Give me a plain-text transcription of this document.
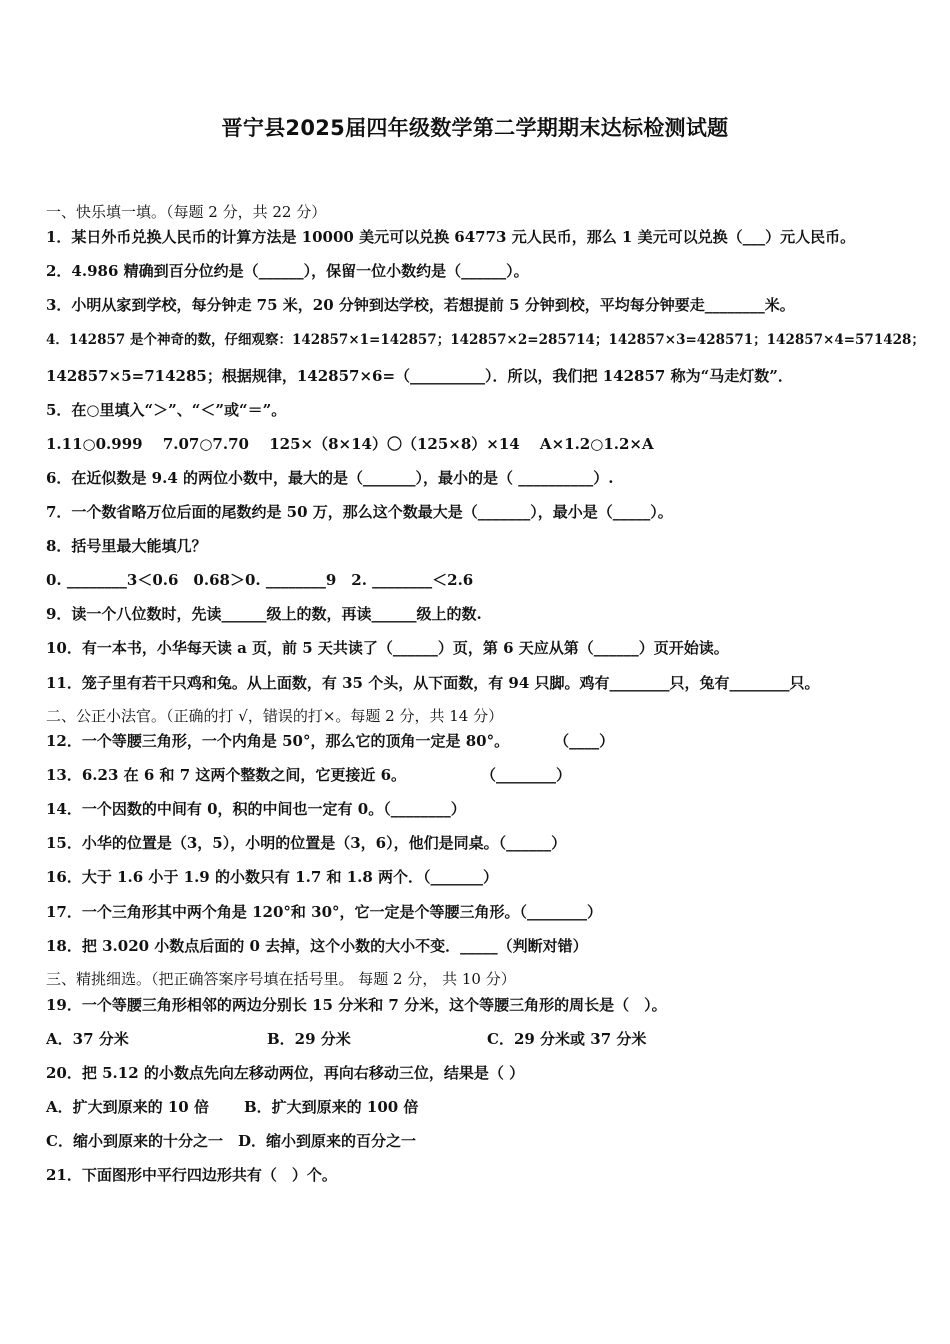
晋宁县2025届四年级数学第二学期期末达标检测试题
一、快乐填一填。（每题 2 分，共 22 分）
1．某日外币兑换人民币的计算方法是 10000 美元可以兑换 64773 元人民币，那么 1 美元可以兑换（___）元人民币。
2．4.986 精确到百分位约是（______），保留一位小数约是（______）。
3．小明从家到学校，每分钟走 75 米，20 分钟到达学校，若想提前 5 分钟到校，平均每分钟要走________米。
4．142857 是个神奇的数，仔细观察：142857×1=142857；142857×2=285714；142857×3=428571；142857×4=571428；
142857×5=714285；根据规律，142857×6=（__________）．所以，我们把 142857 称为“马走灯数”．
5．在○里填入“＞”、“＜”或“＝”。
1.11○0.999　 7.07○7.70　 125×（8×14）〇（125×8）×14　 A×1.2○1.2×A
6．在近似数是 9.4 的两位小数中，最大的是（_______），最小的是（ __________）.
7．一个数省略万位后面的尾数约是 50 万，那么这个数最大是（_______），最小是（_____）。
8．括号里最大能填几？
0. ________3＜0.6　0.68＞0. ________9　2. ________＜2.6
9．读一个八位数时，先读______级上的数，再读______级上的数.
10．有一本书，小华每天读 a 页，前 5 天共读了（______）页，第 6 天应从第（______）页开始读。
11．笼子里有若干只鸡和兔。从上面数，有 35 个头，从下面数，有 94 只脚。鸡有________只，兔有________只。
二、公正小法官。（正确的打 √，错误的打×。每题 2 分，共 14 分）
12．一个等腰三角形，一个内角是 50°，那么它的顶角一定是 80°。　　　　（____）
13．6.23 在 6 和 7 这两个整数之间，它更接近 6。　　　　　　（________）
14．一个因数的中间有 0，积的中间也一定有 0。（________）
15．小华的位置是（3，5），小明的位置是（3，6），他们是同桌。（______）
16．大于 1.6 小于 1.9 的小数只有 1.7 和 1.8 两个．（_______）
17．一个三角形其中两个角是 120°和 30°，它一定是个等腰三角形。（________）
18．把 3.020 小数点后面的 0 去掉，这个小数的大小不变．_____（判断对错）
三、精挑细选。（把正确答案序号填在括号里。 每题 2 分， 共 10 分）
19．一个等腰三角形相邻的两边分别长 15 分米和 7 分米，这个等腰三角形的周长是（　）。
A．37 分米	B．29 分米	C．29 分米或 37 分米
20．把 5.12 的小数点先向左移动两位，再向右移动三位，结果是（ ）
A．扩大到原来的 10 倍 B．扩大到原来的 100 倍
C．缩小到原来的十分之一　D．缩小到原来的百分之一
21．下面图形中平行四边形共有（　）个。
